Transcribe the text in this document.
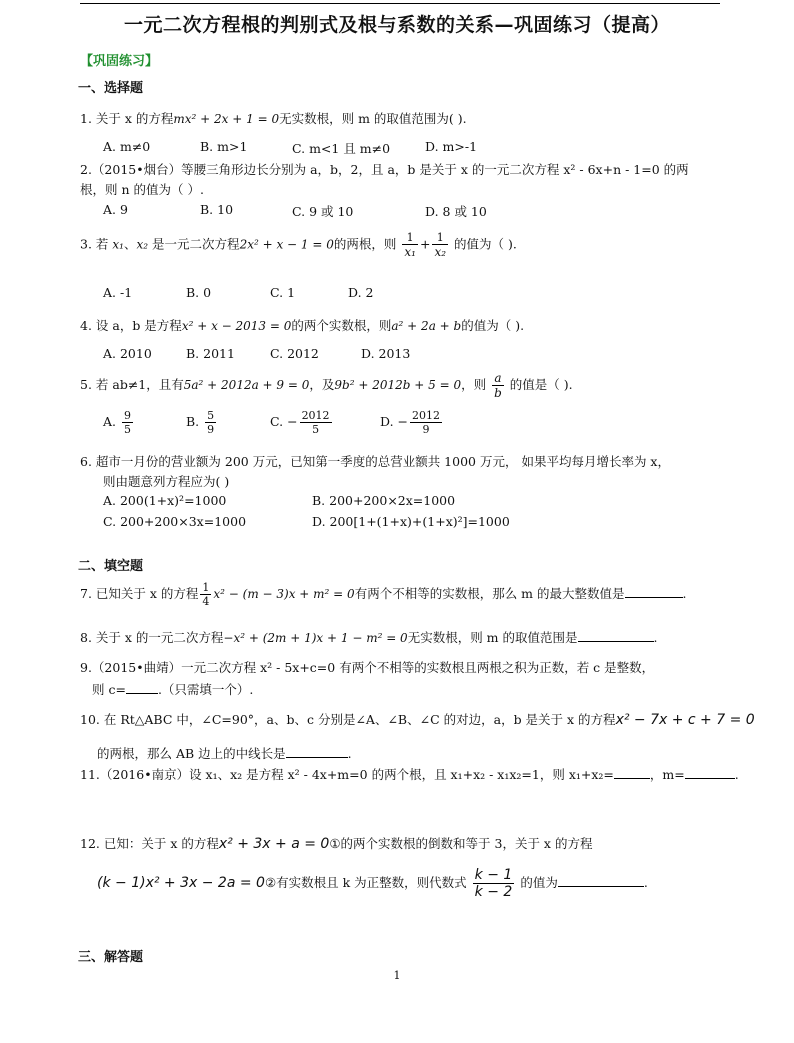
一元二次方程根的判别式及根与系数的关系—巩固练习（提高）
【巩固练习】
一、选择题
1. 关于 x 的方程mx² + 2x + 1 = 0无实数根，则 m 的取值范围为( ).
A. m≠0	B. m>1	C. m<1 且 m≠0	D. m>-1
2.（2015•烟台）等腰三角形边长分别为 a，b，2，且 a，b 是关于 x 的一元二次方程 x² - 6x+n - 1=0 的两
根，则 n 的值为（ ）.
A. 9	B. 10	C. 9 或 10	D. 8 或 10
3. 若 x₁、x₂ 是一元二次方程2x² + x − 1 = 0的两根，则 $\frac{1}{\text{x₁}} + \frac{1}{\text{x₂}}$ 的值为（ ).
A. -1	B. 0	C. 1	D. 2
4. 设 a，b 是方程x² + x − 2013 = 0的两个实数根，则a² + 2a + b的值为（ ).
A. 2010	B. 2011	C. 2012	D. 2013
5. 若 ab≠1，且有5a² + 2012a + 9 = 0，及9b² + 2012b + 5 = 0，则 $\frac{a}{b}$ 的值是（ ).
A. $\frac{9}{5}$	B. $\frac{5}{9}$	C. − $\frac{2012}{5}$	D. − $\frac{2012}{9}$
6. 超市一月份的营业额为 200 万元，已知第一季度的总营业额共 1000 万元， 如果平均每月增长率为 x，
则由题意列方程应为( )
A. 200(1+x)²=1000	B. 200+200×2x=1000
C. 200+200×3x=1000	D. 200[1+(1+x)+(1+x)²]=1000
二、填空题
7. 已知关于 x 的方程 $\frac{1}{4} x^2 - (m - 3)x + m^2 = 0$有两个不相等的实数根，那么 m 的最大整数值是	.
8. 关于 x 的一元二次方程−x² + (2m + 1)x + 1 − m² = 0无实数根，则 m 的取值范围是	.
9.（2015•曲靖）一元二次方程 x² - 5x+c=0 有两个不相等的实数根且两根之积为正数，若 c 是整数，
则 c=	.（只需填一个）.
10. 在 Rt△ABC 中，∠C=90°，a、b、c 分别是∠A、∠B、∠C 的对边，a，b 是关于 x 的方程x² − 7x + c + 7 = 0
的两根，那么 AB 边上的中线长是	.
11.（2016•南京）设 x₁、x₂ 是方程 x² - 4x+m=0 的两个根，且 x₁+x₂ - x₁x₂=1，则 x₁+x₂=	，m=	.
12. 已知：关于 x 的方程x² + 3x + a = 0①的两个实数根的倒数和等于 3，关于 x 的方程
(k − 1)x² + 3x − 2a = 0②有实数根且 k 为正整数，则代数式 $\frac{k - 1}{k - 2}$ 的值为	.
三、解答题
1
